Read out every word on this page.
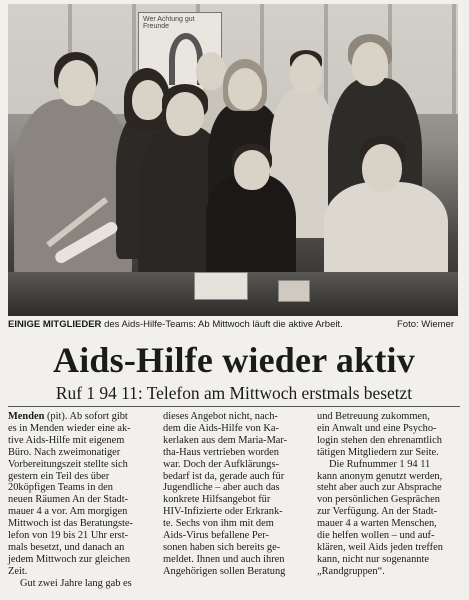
Wer Achtung gut Freunde
EINIGE MITGLIEDER des Aids-Hilfe-Teams: Ab Mittwoch läuft die aktive Arbeit.	Foto: Wiemer
Aids-Hilfe wieder aktiv
Ruf 1 94 11: Telefon am Mittwoch erstmals besetzt
Menden (pit). Ab sofort gibt
es in Menden wieder eine ak-
tive Aids-Hilfe mit eigenem
Büro. Nach zweimonatiger
Vorbereitungszeit stellte sich
gestern ein Teil des über
20köpfigen Teams in den
neuen Räumen An der Stadt-
mauer 4 a vor. Am morgigen
Mittwoch ist das Beratungste-
lefon von 19 bis 21 Uhr erst-
mals besetzt, und danach an
jedem Mittwoch zur gleichen
Zeit.
Gut zwei Jahre lang gab es
dieses Angebot nicht, nach-
dem die Aids-Hilfe von Ka-
kerlaken aus dem Maria-Mar-
tha-Haus vertrieben worden
war. Doch der Aufklärungs-
bedarf ist da, gerade auch für
Jugendliche – aber auch das
konkrete Hilfsangebot für
HIV-Infizierte oder Erkrank-
te. Sechs von ihm mit dem
Aids-Virus befallene Per-
sonen haben sich bereits ge-
meldet. Ihnen und auch ihren
Angehörigen sollen Beratung
und Betreuung zukommen,
ein Anwalt und eine Psycho-
login stehen den ehrenamtlich
tätigen Mitgliedern zur Seite.
Die Rufnummer 1 94 11
kann anonym genutzt werden,
steht aber auch zur Absprache
von persönlichen Gesprächen
zur Verfügung. An der Stadt-
mauer 4 a warten Menschen,
die helfen wollen – und auf-
klären, weil Aids jeden treffen
kann, nicht nur sogenannte
„Randgruppen“.
